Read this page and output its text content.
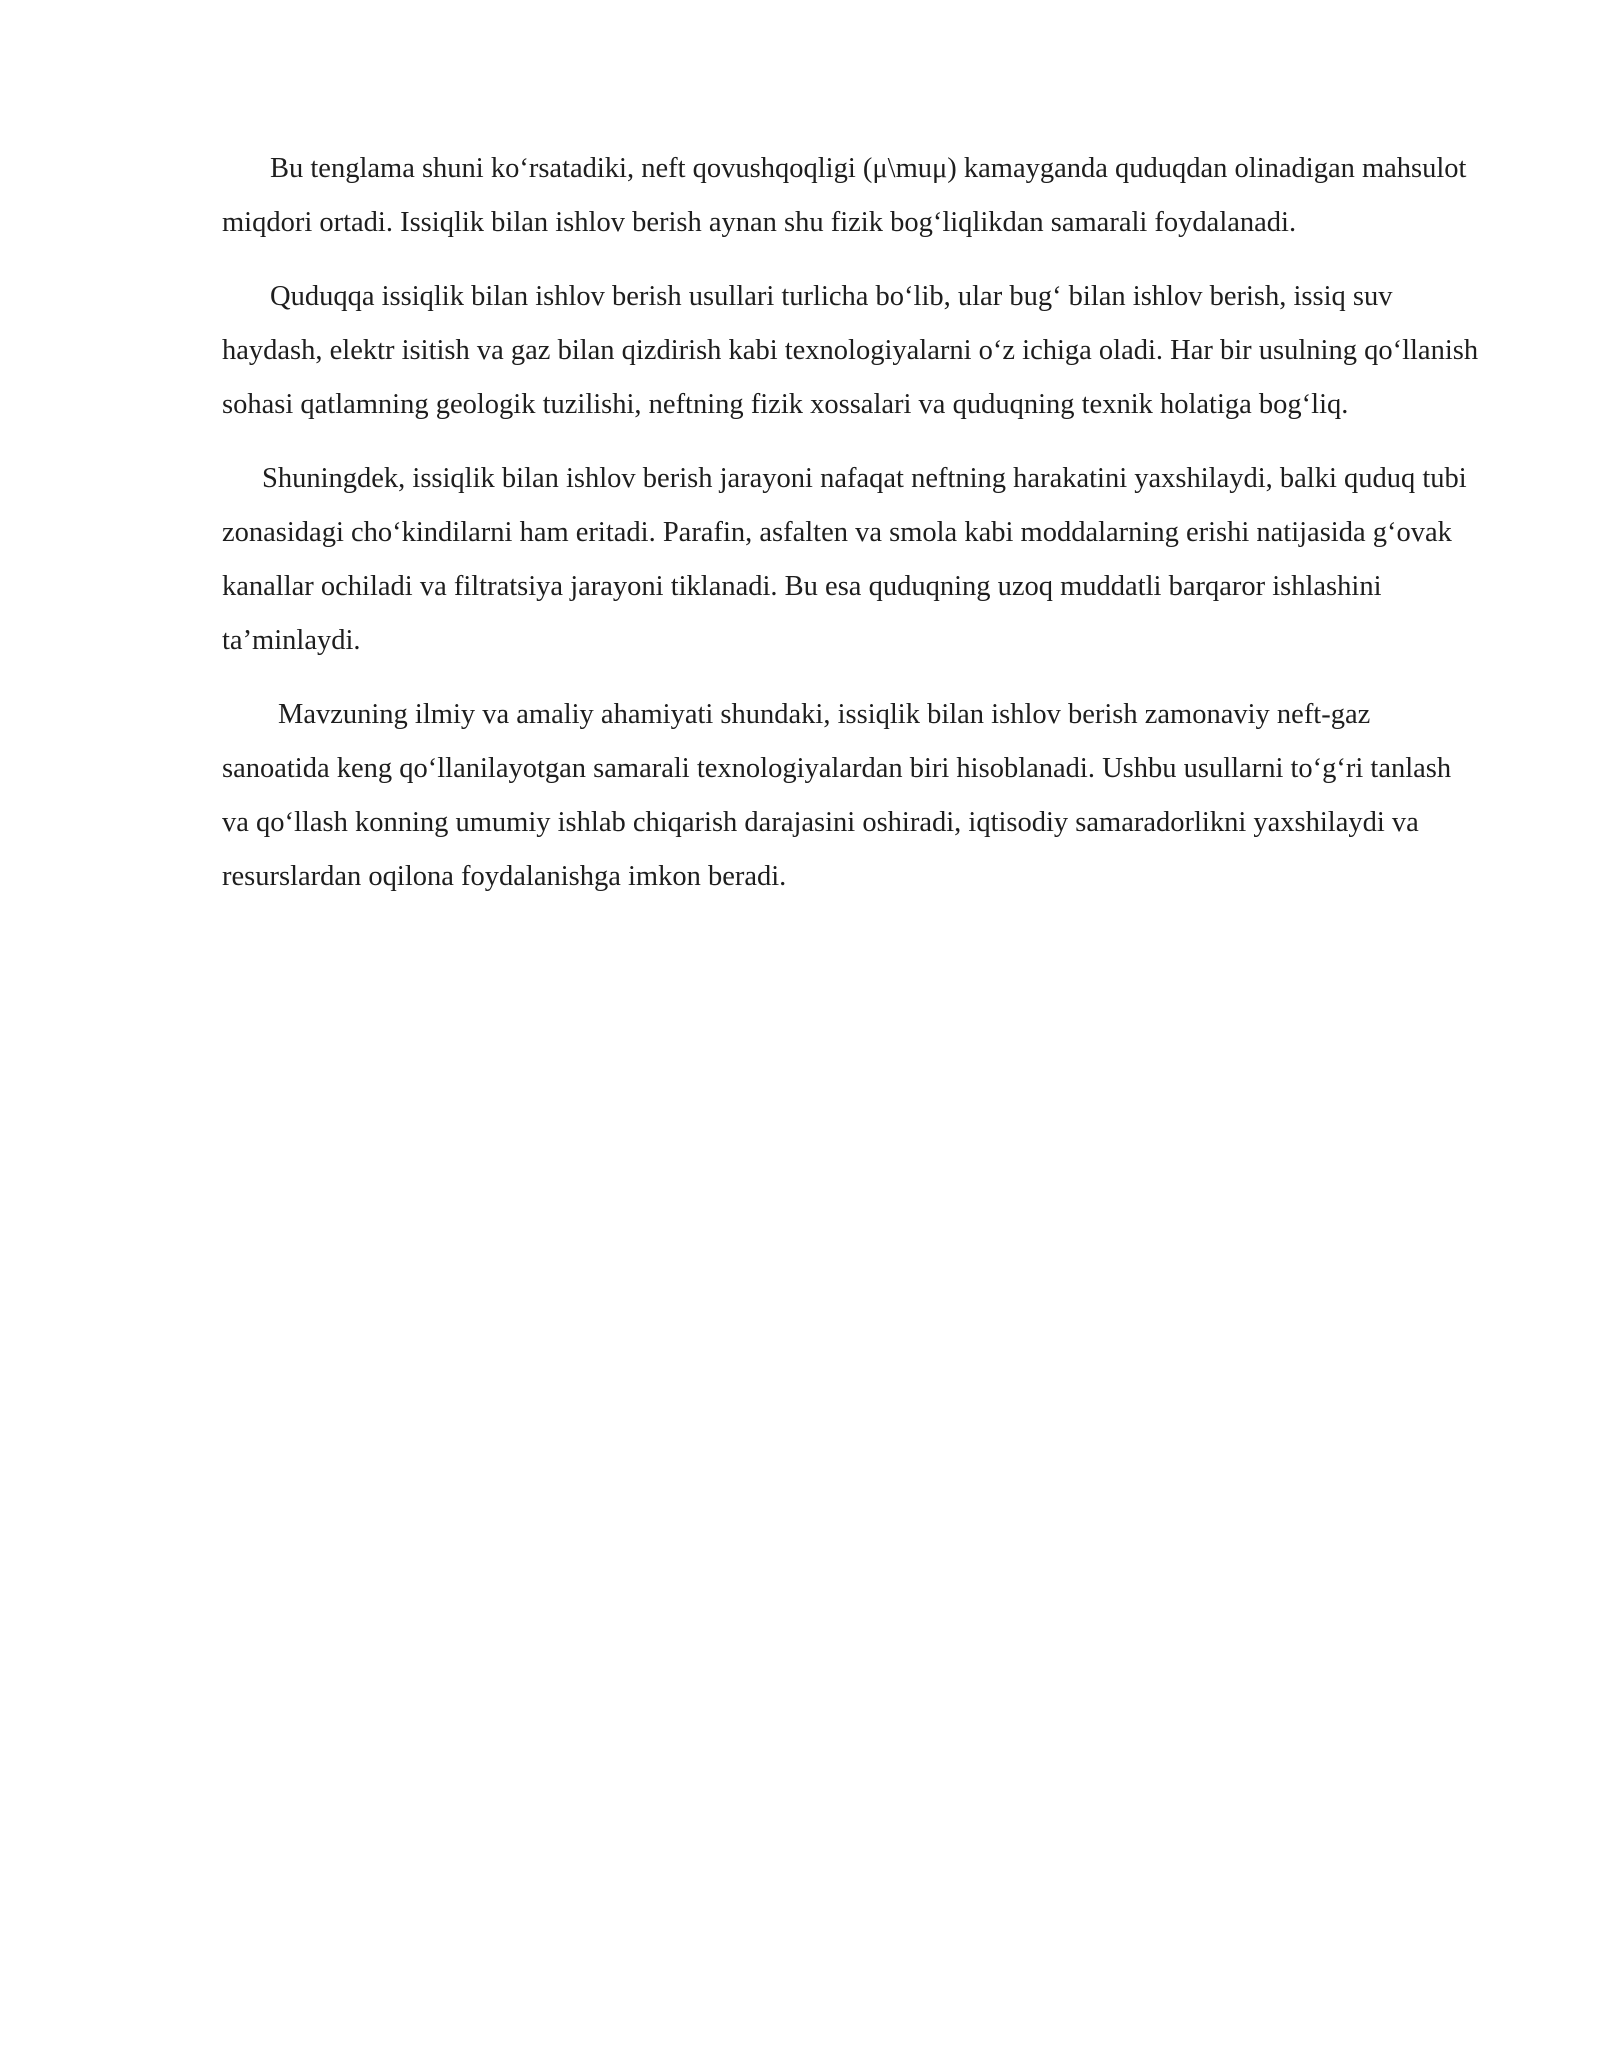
Bu tenglama shuni ko‘rsatadiki, neft qovushqoqligi (μ\muμ) kamayganda quduqdan olinadigan mahsulot miqdori ortadi. Issiqlik bilan ishlov berish aynan shu fizik bog‘liqlikdan samarali foydalanadi.

Quduqqa issiqlik bilan ishlov berish usullari turlicha bo‘lib, ular bug‘ bilan ishlov berish, issiq suv haydash, elektr isitish va gaz bilan qizdirish kabi texnologiyalarni o‘z ichiga oladi. Har bir usulning qo‘llanish sohasi qatlamning geologik tuzilishi, neftning fizik xossalari va quduqning texnik holatiga bog‘liq.

Shuningdek, issiqlik bilan ishlov berish jarayoni nafaqat neftning harakatini yaxshilaydi, balki quduq tubi zonasidagi cho‘kindilarni ham eritadi. Parafin, asfalten va smola kabi moddalarning erishi natijasida g‘ovak kanallar ochiladi va filtratsiya jarayoni tiklanadi. Bu esa quduqning uzoq muddatli barqaror ishlashini ta’minlaydi.

Mavzuning ilmiy va amaliy ahamiyati shundaki, issiqlik bilan ishlov berish zamonaviy neft-gaz sanoatida keng qo‘llanilayotgan samarali texnologiyalardan biri hisoblanadi. Ushbu usullarni to‘g‘ri tanlash va qo‘llash konning umumiy ishlab chiqarish darajasini oshiradi, iqtisodiy samaradorlikni yaxshilaydi va resurslardan oqilona foydalanishga imkon beradi.
